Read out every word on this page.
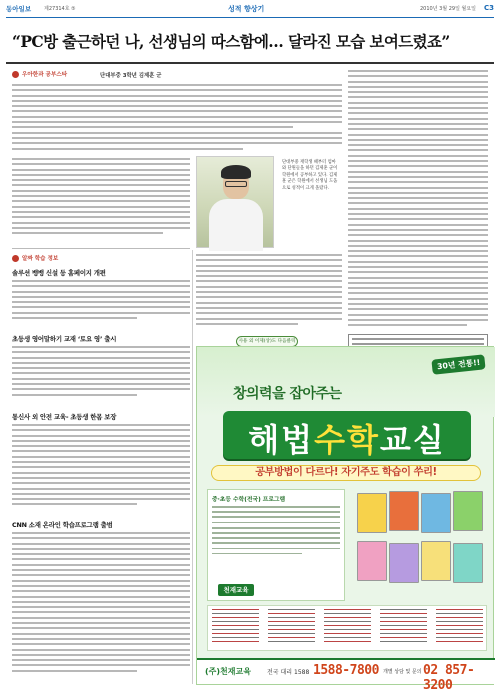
동아일보	제27314호 ⑤	성적 향상기	2010년 3월 29일 월요일 C3
“PC방 출근하던 나, 선생님의 따스함에… 달라진 모습 보여드렸죠”
우아한과 공부스타	단대부중 3학년 김제훈 군
단대부중 재학생 때부터 엄마와 단원들을 하던 김제훈 군이 학원에서 공부하고 있다. 김제훈 군은 학원에서 선생님 도움으로 성적이 크게 올랐다.
사용 외 이제(상)도 다음클릭
알짜 학습 정보
솔루션 뱅뱅 신설 등 홈페이지 개편
초등생 영어말하기 교재 ‘토요 영’ 출시
통신사 외 안전 교육- 초등생 한몸 보장
CNN 소재 온라인 학습프로그램 출범
30년 전통!!
창의력을 잡아주는
해법수학교실
공부방법이 다르다! 자기주도 학습이 쑤리!
중·초등 수학(전국) 프로그램
천재교육
(주)천재교육	전국 대리 1588 1588-7800 개별 상담 및 문의 02 857-3200
